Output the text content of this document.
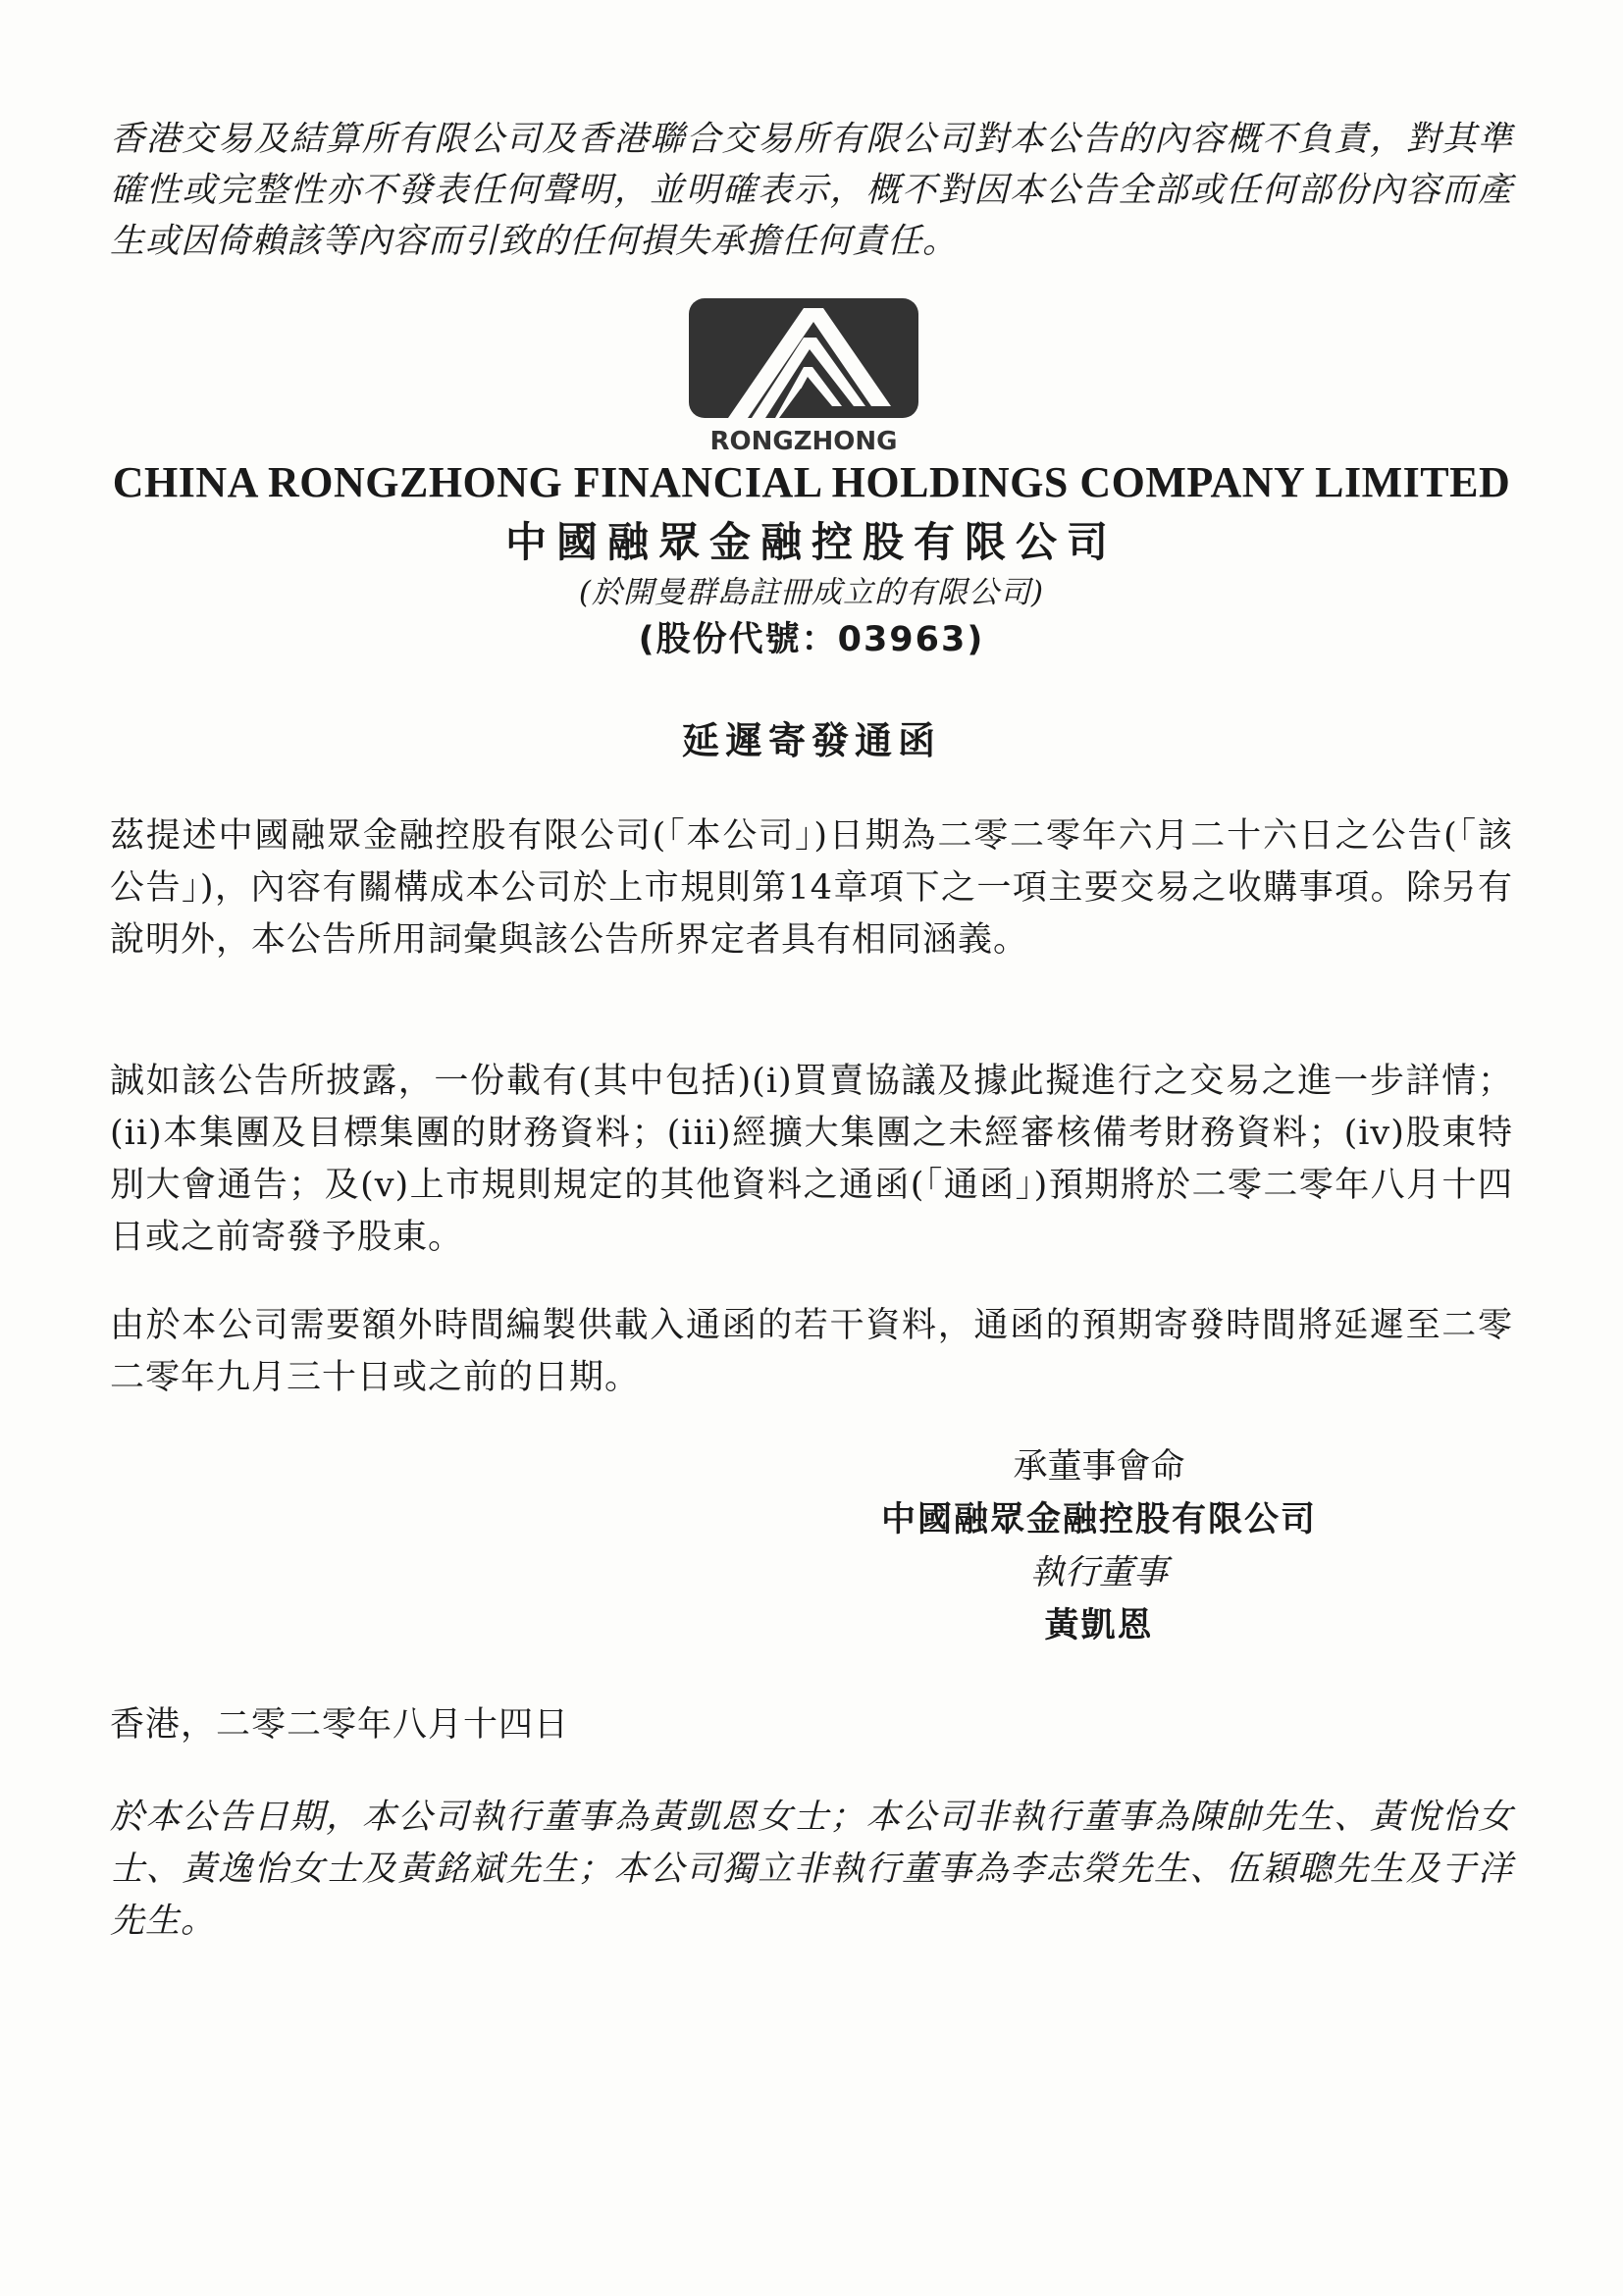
香港交易及結算所有限公司及香港聯合交易所有限公司對本公告的內容概不負責，對其準確性或完整性亦不發表任何聲明，並明確表示，概不對因本公告全部或任何部份內容而產生或因倚賴該等內容而引致的任何損失承擔任何責任。
RONGZHONG
CHINA RONGZHONG FINANCIAL HOLDINGS COMPANY LIMITED
中國融眾金融控股有限公司
(於開曼群島註冊成立的有限公司)
(股份代號：03963)
延遲寄發通函
茲提述中國融眾金融控股有限公司(「本公司」)日期為二零二零年六月二十六日之公告(「該公告」)，內容有關構成本公司於上市規則第14章項下之一項主要交易之收購事項。除另有說明外，本公告所用詞彙與該公告所界定者具有相同涵義。
誠如該公告所披露，一份載有(其中包括)(i)買賣協議及據此擬進行之交易之進一步詳情；(ii)本集團及目標集團的財務資料；(iii)經擴大集團之未經審核備考財務資料；(iv)股東特別大會通告；及(v)上市規則規定的其他資料之通函(「通函」)預期將於二零二零年八月十四日或之前寄發予股東。
由於本公司需要額外時間編製供載入通函的若干資料，通函的預期寄發時間將延遲至二零二零年九月三十日或之前的日期。
承董事會命
中國融眾金融控股有限公司
執行董事
黃凱恩
香港，二零二零年八月十四日
於本公告日期，本公司執行董事為黃凱恩女士；本公司非執行董事為陳帥先生、黃悅怡女士、黃逸怡女士及黃銘斌先生；本公司獨立非執行董事為李志榮先生、伍穎聰先生及于洋先生。
